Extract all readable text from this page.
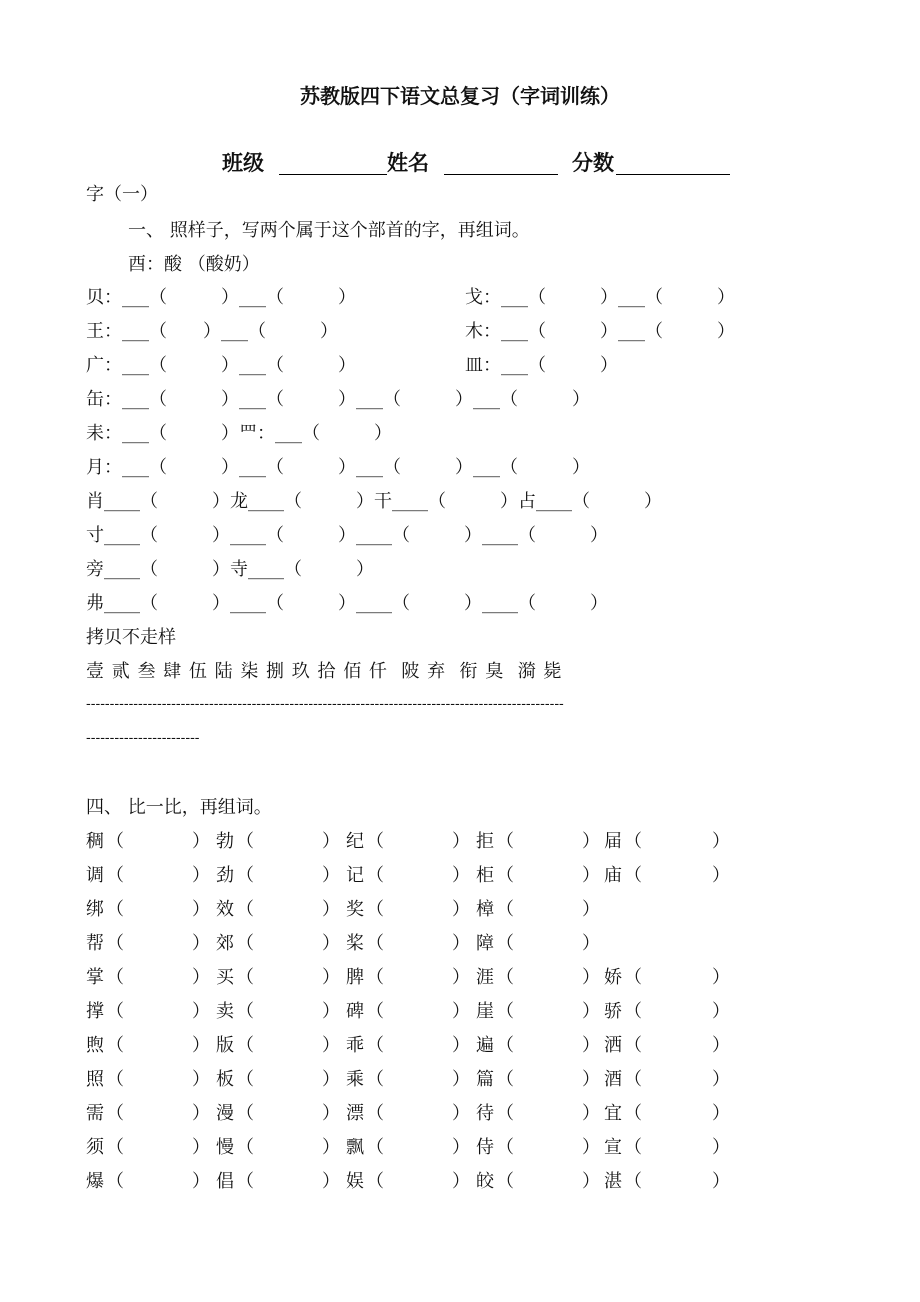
苏教版四下语文总复习（字词训练）
班级	姓名	分数
字（一）
一、 照样子，写两个属于这个部首的字，再组词。
酉：酸 （酸奶）
贝：___（　　　）___（　　　）	戈：___（　　　）___（　　　）
王：___（　　）___（　　　）	木：___（　　　）___（　　　）
广：___（　　　）___（　　　）	皿：___（　　　）
缶：___（　　　）___（　　　）___（　　　）___（　　　）
耒：___（　　　）罒：___（　　　）
月：___（　　　）___（　　　）___（　　　）___（　　　）
肖____（　　　）龙____（　　　）干____（　　　）占____（　　　）
寸____（　　　）____（　　　）____（　　　）____（　　　）
旁____（　　　）寺____（　　　）
弗____（　　　）____（　　　）____（　　　）____（　　　）
拷贝不走样
壹 贰 叁 肆 伍 陆 柒 捌 玖 拾 佰 仟  陂 弃  衔 臭  漪 毙
-----------------------------------------------------------------------------------------------------
------------------------
四、 比一比，再组词。
稠 （	） 勃 （	） 纪 （	） 拒 （	） 届 （	）
调 （	） 劲 （	） 记 （	） 柜 （	） 庙 （	）
绑 （	） 效 （	） 奖 （	） 樟 （	）
帮 （	） 郊 （	） 桨 （	） 障 （	）
掌 （	） 买 （	） 脾 （	） 涯 （	） 娇 （	）
撑 （	） 卖 （	） 碑 （	） 崖 （	） 骄 （	）
煦 （	） 版 （	） 乖 （	） 遍 （	） 洒 （	）
照 （	） 板 （	） 乘 （	） 篇 （	） 酒 （	）
需 （	） 漫 （	） 漂 （	） 待 （	） 宜 （	）
须 （	） 慢 （	） 飘 （	） 侍 （	） 宣 （	）
爆 （	） 倡 （	） 娱 （	） 皎 （	） 湛 （	）
